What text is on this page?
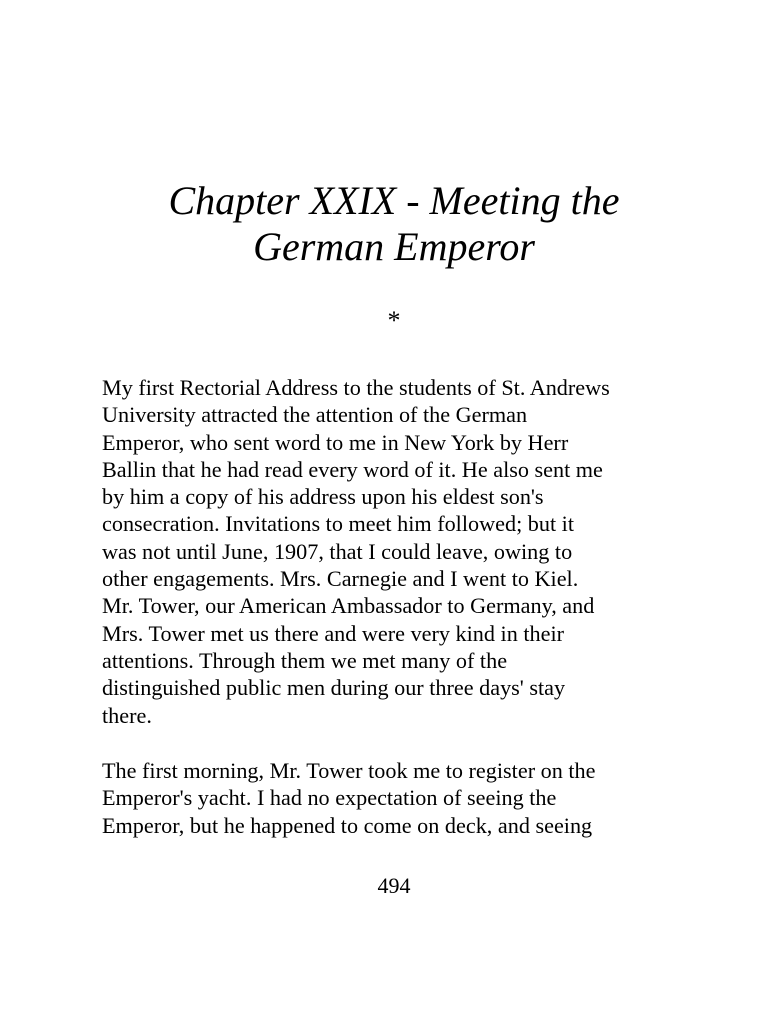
Chapter XXIX - Meeting the
German Emperor
*
My first Rectorial Address to the students of St. Andrews
University attracted the attention of the German
Emperor, who sent word to me in New York by Herr
Ballin that he had read every word of it. He also sent me
by him a copy of his address upon his eldest son's
consecration. Invitations to meet him followed; but it
was not until June, 1907, that I could leave, owing to
other engagements. Mrs. Carnegie and I went to Kiel.
Mr. Tower, our American Ambassador to Germany, and
Mrs. Tower met us there and were very kind in their
attentions. Through them we met many of the
distinguished public men during our three days' stay
there.
The first morning, Mr. Tower took me to register on the
Emperor's yacht. I had no expectation of seeing the
Emperor, but he happened to come on deck, and seeing
494
